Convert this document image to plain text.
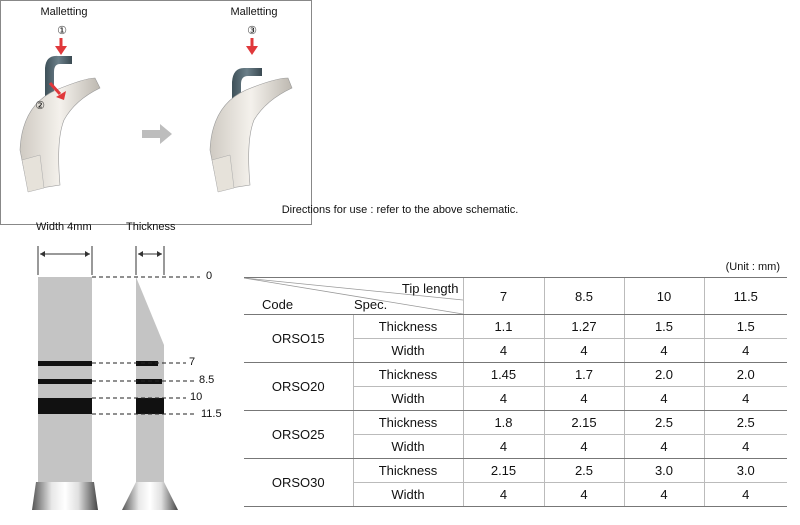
Malletting	Malletting
①
②
③
Directions for use : refer to the above schematic.
Width 4mm	Thickness
0
7
8.5
10
11.5
(Unit : mm)
Tip length
Code Spec.		7	8.5	10	11.5
ORSO15	Thickness	1.1	1.27	1.5	1.5
	Width	4	4	4	4
ORSO20	Thickness	1.45	1.7	2.0	2.0
	Width	4	4	4	4
ORSO25	Thickness	1.8	2.15	2.5	2.5
	Width	4	4	4	4
ORSO30	Thickness	2.15	2.5	3.0	3.0
	Width	4	4	4	4
